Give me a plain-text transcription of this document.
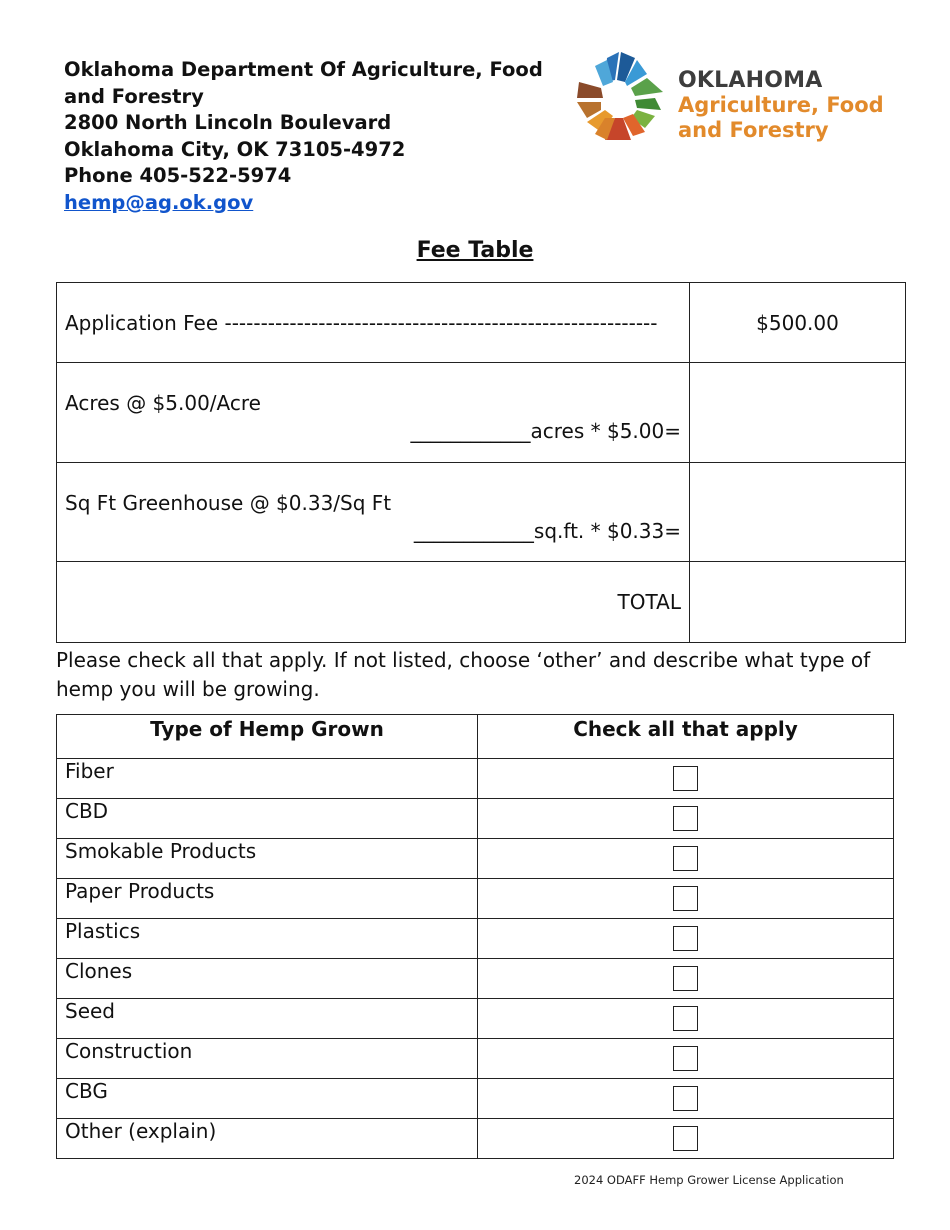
Oklahoma Department Of Agriculture, Food
and Forestry
2800 North Lincoln Boulevard
Oklahoma City, OK 73105-4972
Phone 405-522-5974
hemp@ag.ok.gov
OKLAHOMA
Agriculture, Food
and Forestry
Fee Table
Application Fee ------------------------------------------------------------	$500.00

Acres @ $5.00/Acre
____________acres * $5.00=	

Sq Ft Greenhouse @ $0.33/Sq Ft
____________sq.ft. * $0.33=	

TOTAL	
Please check all that apply. If not listed, choose ‘other’ and describe what type of hemp you will be growing.
Type of Hemp Grown	Check all that apply
Fiber	
CBD	
Smokable Products	
Paper Products	
Plastics	
Clones	
Seed	
Construction	
CBG	
Other (explain)	
2024 ODAFF Hemp Grower License Application
